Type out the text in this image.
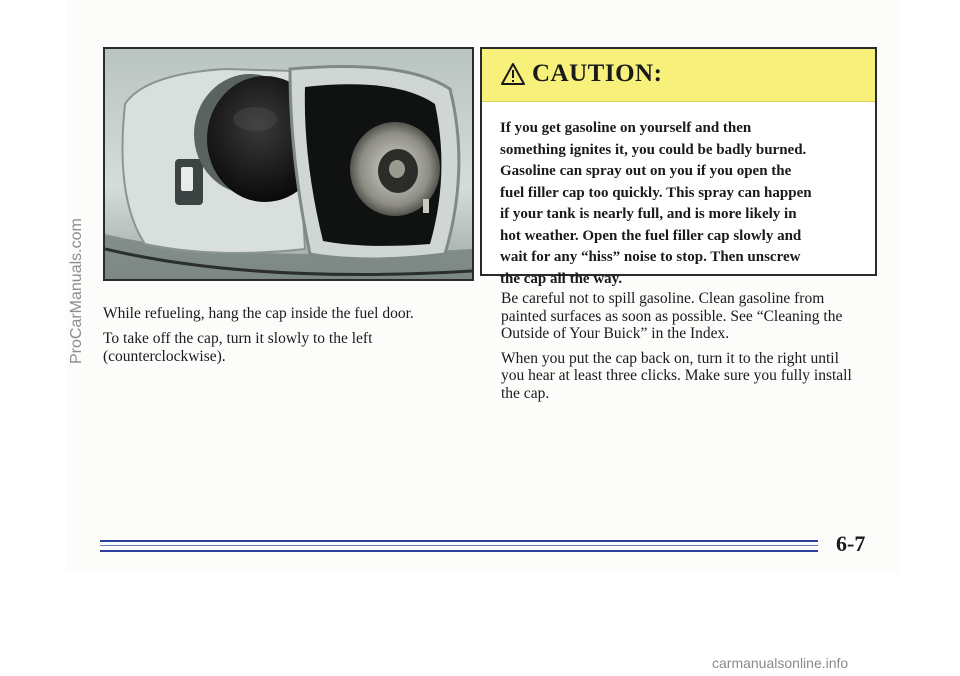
While refueling, hang the cap inside the fuel door.

To take off the cap, turn it slowly to the left
(counterclockwise).

CAUTION:
If you get gasoline on yourself and then
something ignites it, you could be badly burned.
Gasoline can spray out on you if you open the
fuel filler cap too quickly. This spray can happen
if your tank is nearly full, and is more likely in
hot weather. Open the fuel filler cap slowly and
wait for any “hiss” noise to stop. Then unscrew
the cap all the way.

Be careful not to spill gasoline. Clean gasoline from
painted surfaces as soon as possible. See “Cleaning the
Outside of Your Buick” in the Index.

When you put the cap back on, turn it to the right until
you hear at least three clicks. Make sure you fully install
the cap.

6-7
ProCarManuals.com
carmanualsonline.info
